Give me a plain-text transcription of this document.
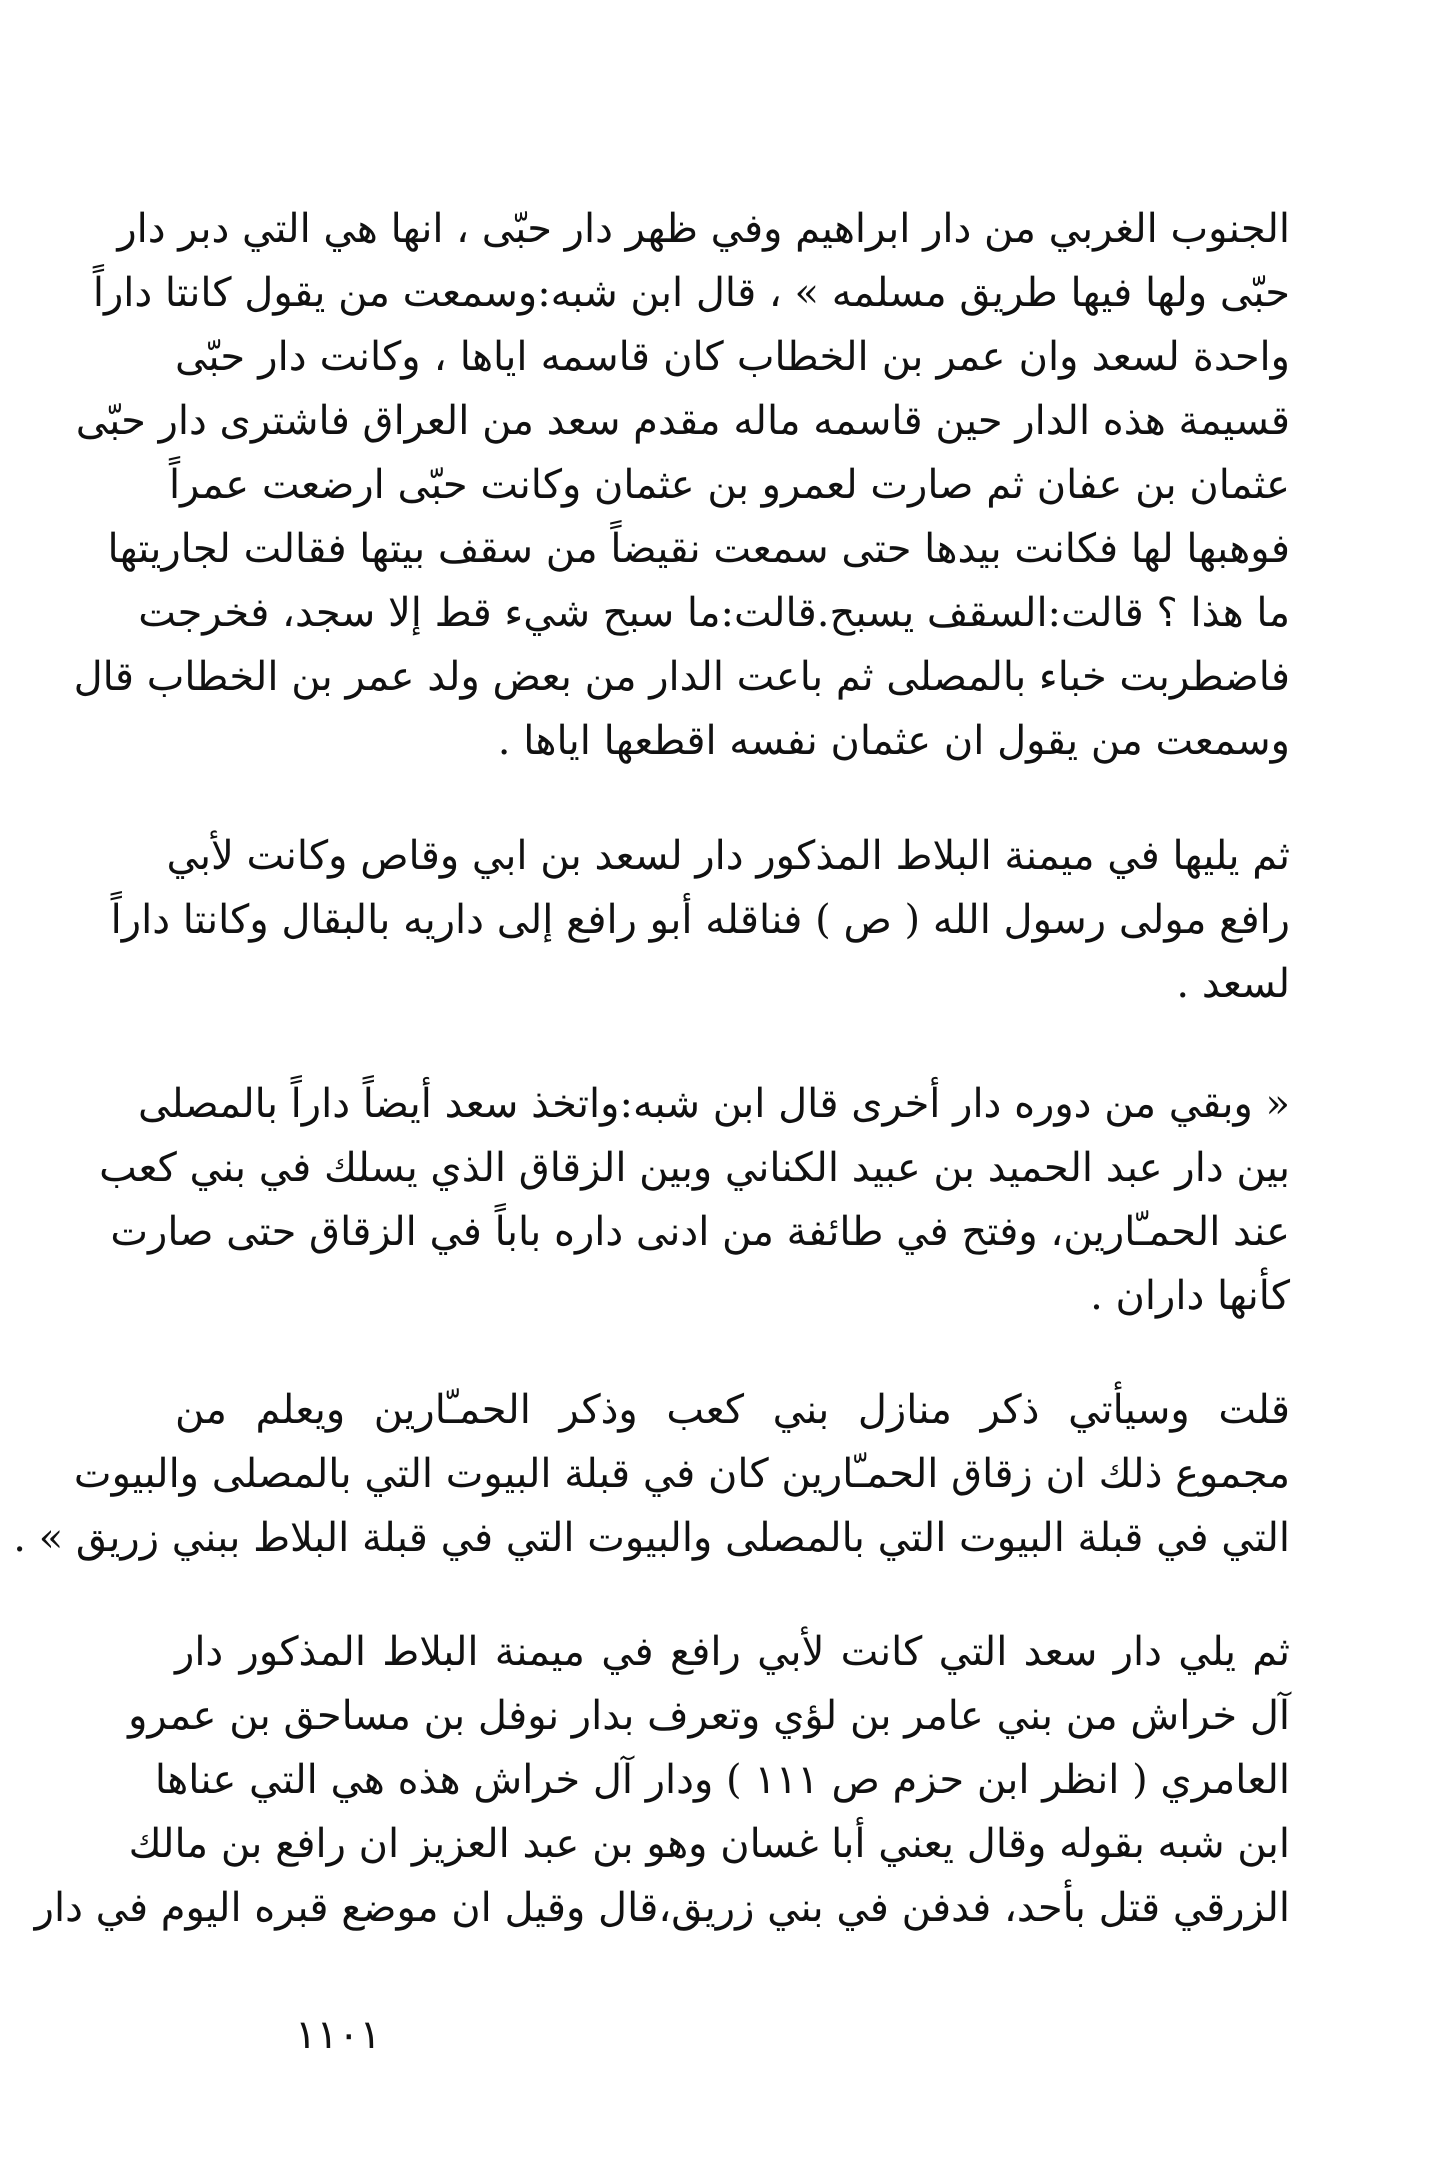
الجنوب الغربي من دار ابراهيم وفي ظهر دار حبّى ، انها هي التي دبر دار
حبّى ولها فيها طريق مسلمه » ، قال ابن شبه:وسمعت من يقول كانتا داراً
واحدة لسعد وان عمر بن الخطاب كان قاسمه اياها ، وكانت دار حبّى
قسيمة هذه الدار حين قاسمه ماله مقدم سعد من العراق فاشترى دار حبّى
عثمان بن عفان ثم صارت لعمرو بن عثمان وكانت حبّى ارضعت عمراً
فوهبها لها فكانت بيدها حتى سمعت نقيضاً من سقف بيتها فقالت لجاريتها
ما هذا ؟ قالت:السقف يسبح.قالت:ما سبح شيء قط إلا سجد، فخرجت
فاضطربت خباء بالمصلى ثم باعت الدار من بعض ولد عمر بن الخطاب قال
وسمعت من يقول ان عثمان نفسه اقطعها اياها .
ثم يليها في ميمنة البلاط المذكور دار لسعد بن ابي وقاص وكانت لأبي
رافع مولى رسول الله ( ص ) فناقله أبو رافع إلى داريه بالبقال وكانتا داراً
لسعد .
« وبقي من دوره دار أخرى قال ابن شبه:واتخذ سعد أيضاً داراً بالمصلى
بين دار عبد الحميد بن عبيد الكناني وبين الزقاق الذي يسلك في بني كعب
عند الحمـّارين، وفتح في طائفة من ادنى داره باباً في الزقاق حتى صارت
كأنها داران .
قلت وسيأتي ذكر منازل بني كعب وذكر الحمـّارين ويعلم من
مجموع ذلك ان زقاق الحمـّارين كان في قبلة البيوت التي بالمصلى والبيوت
التي في قبلة البيوت التي بالمصلى والبيوت التي في قبلة البلاط ببني زريق » .
ثم يلي دار سعد التي كانت لأبي رافع في ميمنة البلاط المذكور دار
آل خراش من بني عامر بن لؤي وتعرف بدار نوفل بن مساحق بن عمرو
العامري ( انظر ابن حزم ص ١١١ ) ودار آل خراش هذه هي التي عناها
ابن شبه بقوله وقال يعني أبا غسان وهو بن عبد العزيز ان رافع بن مالك
الزرقي قتل بأحد، فدفن في بني زريق،قال وقيل ان موضع قبره اليوم في دار
١١٠١
